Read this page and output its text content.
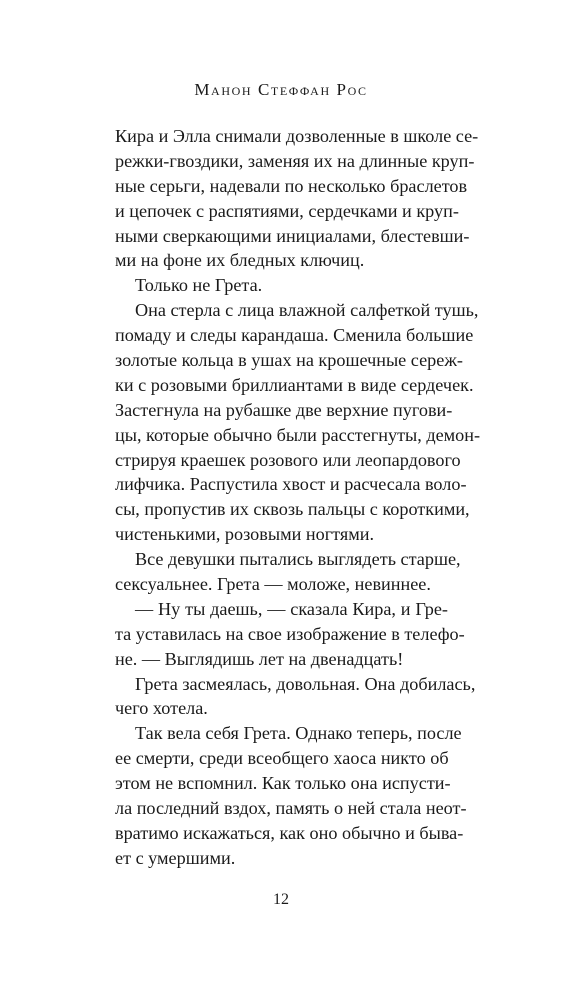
Манон Стеффан Рос
Кира и Элла снимали дозволенные в школе се-
режки-гвоздики, заменяя их на длинные круп-
ные серьги, надевали по несколько браслетов
и цепочек с распятиями, сердечками и круп-
ными сверкающими инициалами, блестевши-
ми на фоне их бледных ключиц.
Только не Грета.
Она стерла с лица влажной салфеткой тушь,
помаду и следы карандаша. Сменила большие
золотые кольца в ушах на крошечные сереж-
ки с розовыми бриллиантами в виде сердечек.
Застегнула на рубашке две верхние пугови-
цы, которые обычно были расстегнуты, демон-
стрируя краешек розового или леопардового
лифчика. Распустила хвост и расчесала воло-
сы, пропустив их сквозь пальцы с короткими,
чистенькими, розовыми ногтями.
Все девушки пытались выглядеть старше,
сексуальнее. Грета — моложе, невиннее.
— Ну ты даешь, — сказала Кира, и Гре-
та уставилась на свое изображение в телефо-
не. — Выглядишь лет на двенадцать!
Грета засмеялась, довольная. Она добилась,
чего хотела.
Так вела себя Грета. Однако теперь, после
ее смерти, среди всеобщего хаоса никто об
этом не вспомнил. Как только она испусти-
ла последний вздох, память о ней стала неот-
вратимо искажаться, как оно обычно и быва-
ет с умершими.
12
